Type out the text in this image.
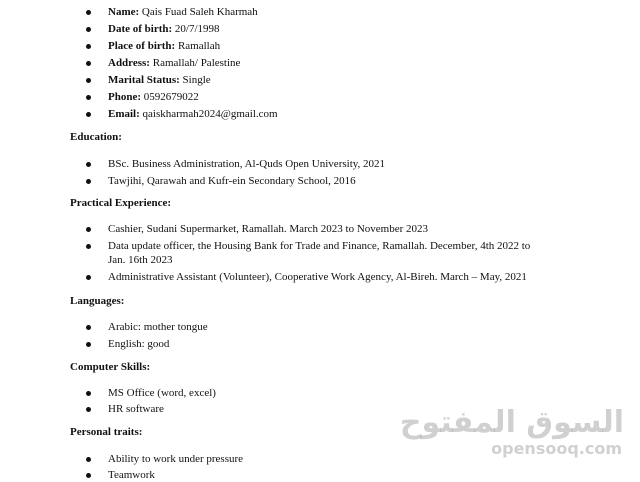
Name: Qais Fuad Saleh Kharmah
Date of birth: 20/7/1998
Place of birth: Ramallah
Address: Ramallah/ Palestine
Marital Status: Single
Phone: 0592679022
Email: qaiskharmah2024@gmail.com
Education:
BSc. Business Administration, Al-Quds Open University, 2021
Tawjihi, Qarawah and Kufr-ein Secondary School, 2016
Practical Experience:
Cashier, Sudani Supermarket, Ramallah. March 2023 to November 2023
Data update officer, the Housing Bank for Trade and Finance, Ramallah. December, 4th 2022 to
Jan. 16th 2023
Administrative Assistant (Volunteer), Cooperative Work Agency, Al-Bireh. March – May, 2021
Languages:
Arabic: mother tongue
English: good
Computer Skills:
MS Office (word, excel)
HR software
Personal traits:
Ability to work under pressure
Teamwork
السوق المفتوح
opensooq.com
